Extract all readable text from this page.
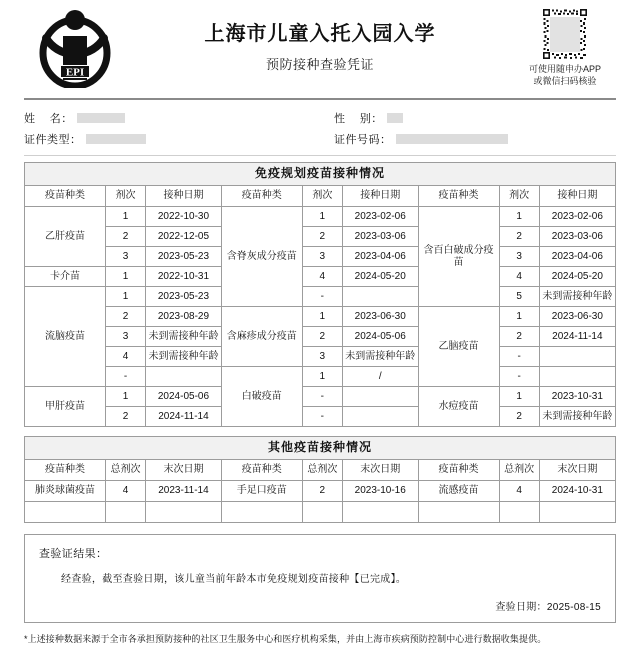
EPI
上海市儿童入托入园入学
预防接种查验凭证	可使用随申办APP
或微信扫码核验
姓    名：	性    别：
证件类型：	证件号码：
免疫规划疫苗接种情况								
疫苗种类	剂次	接种日期	疫苗种类	剂次	接种日期	疫苗种类	剂次	接种日期
乙肝疫苗	1	2022-10-30	含脊灰成分疫苗	1	2023-02-06	含百白破成分疫苗	1	2023-02-06
	2	2022-12-05		2	2023-03-06		2	2023-03-06
	3	2023-05-23		3	2023-04-06		3	2023-04-06
卡介苗	1	2022-10-31		4	2024-05-20		4	2024-05-20
流脑疫苗	1	2023-05-23		-			5	未到需接种年龄
	2	2023-08-29	含麻疹成分疫苗	1	2023-06-30	乙脑疫苗	1	2023-06-30
	3	未到需接种年龄		2	2024-05-06		2	2024-11-14
	4	未到需接种年龄		3	未到需接种年龄		-	
	-		白破疫苗	1	/		-	
甲肝疫苗	1	2024-05-06		-		水痘疫苗	1	2023-10-31
	2	2024-11-14		-			2	未到需接种年龄
其他疫苗接种情况								
疫苗种类	总剂次	末次日期	疫苗种类	总剂次	末次日期	疫苗种类	总剂次	末次日期
肺炎球菌疫苗	4	2023-11-14	手足口疫苗	2	2023-10-16	流感疫苗	4	2024-10-31

查验证结果：
经查验，截至查验日期，该儿童当前年龄本市免疫规划疫苗接种【已完成】。
查验日期：2025-08-15
*上述接种数据来源于全市各承担预防接种的社区卫生服务中心和医疗机构采集，并由上海市疾病预防控制中心进行数据收集提供。
